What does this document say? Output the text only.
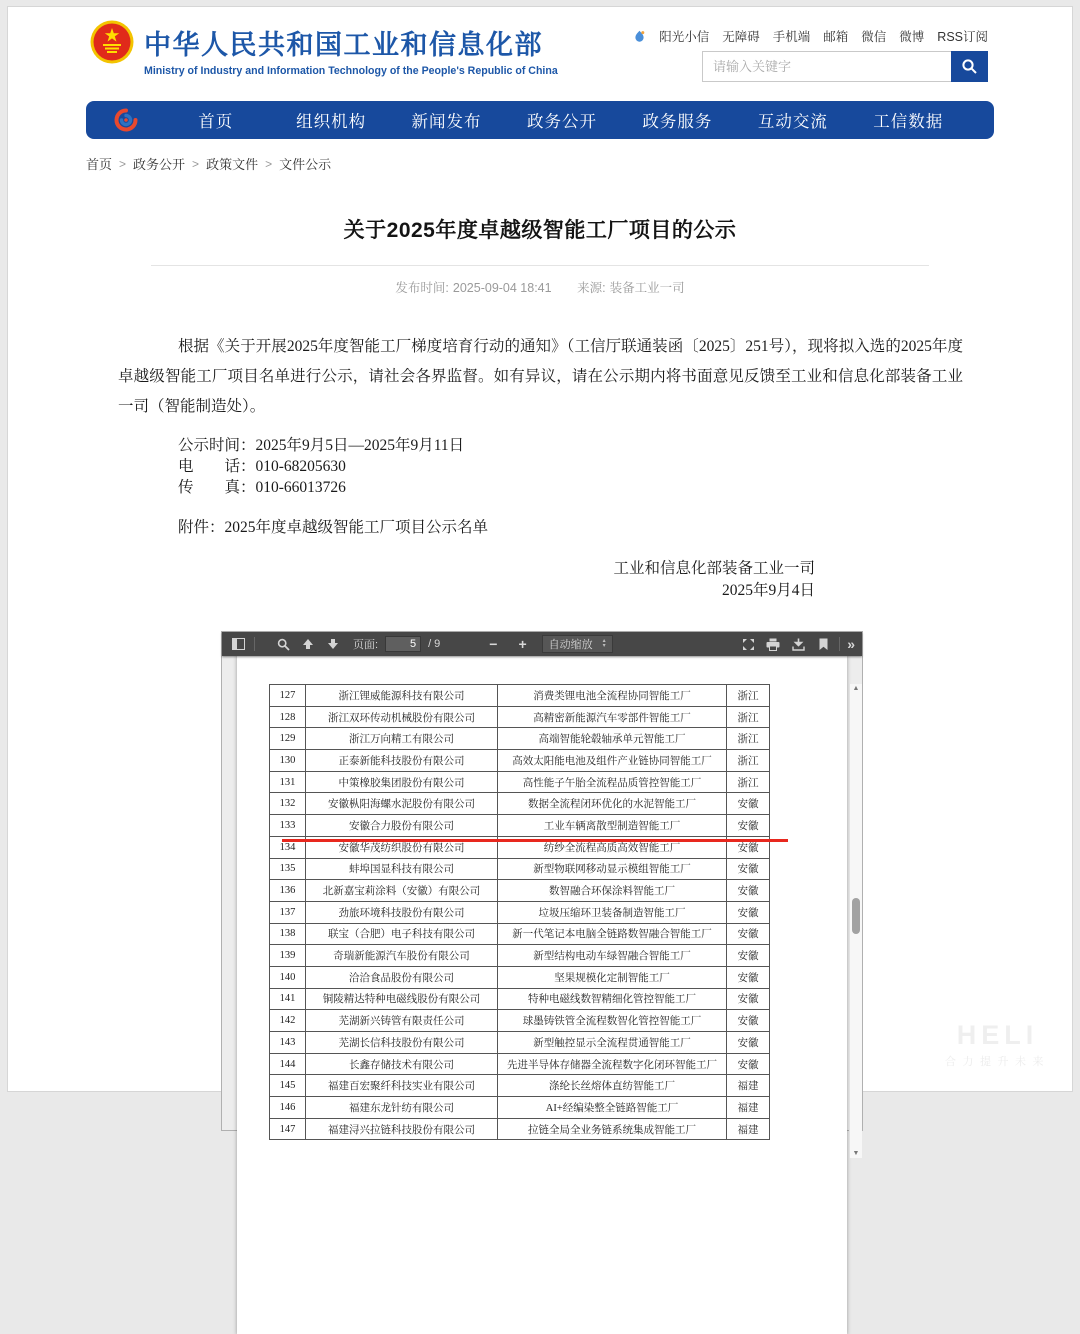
中华人民共和国工业和信息化部
Ministry of Industry and Information Technology of the People's Republic of China
阳光小信 无障碍 手机端 邮箱 微信 微博 RSS订阅
请输入关键字
首页	组织机构	新闻发布	政务公开	政务服务	互动交流	工信数据
首页 > 政务公开 > 政策文件 > 文件公示
关于2025年度卓越级智能工厂项目的公示
发布时间: 2025-09-04 18:41 来源: 装备工业一司

根据《关于开展2025年度智能工厂梯度培育行动的通知》（工信厅联通装函〔2025〕251号），现将拟入选的2025年度卓越级智能工厂项目名单进行公示，请社会各界监督。如有异议，请在公示期内将书面意见反馈至工业和信息化部装备工业一司（智能制造处）。

公示时间：2025年9月5日—2025年9月11日

电　　话：010-68205630

传　　真：010-66013726

附件：2025年度卓越级智能工厂项目公示名单

工业和信息化部装备工业一司
2025年9月4日
页面:
5	/ 9	− + 自动缩放 ▴
▾	»
127	浙江锂威能源科技有限公司	消费类锂电池全流程协同智能工厂	浙江
128	浙江双环传动机械股份有限公司	高精密新能源汽车零部件智能工厂	浙江
129	浙江万向精工有限公司	高端智能轮毂轴承单元智能工厂	浙江
130	正泰新能科技股份有限公司	高效太阳能电池及组件产业链协同智能工厂	浙江
131	中策橡胶集团股份有限公司	高性能子午胎全流程品质管控智能工厂	浙江
132	安徽枞阳海螺水泥股份有限公司	数据全流程闭环优化的水泥智能工厂	安徽
133	安徽合力股份有限公司	工业车辆离散型制造智能工厂	安徽
134	安徽华茂纺织股份有限公司	纺纱全流程高质高效智能工厂	安徽
135	蚌埠国显科技有限公司	新型物联网移动显示模组智能工厂	安徽
136	北新嘉宝莉涂料（安徽）有限公司	数智融合环保涂料智能工厂	安徽
137	劲旅环境科技股份有限公司	垃圾压缩环卫装备制造智能工厂	安徽
138	联宝（合肥）电子科技有限公司	新一代笔记本电脑全链路数智融合智能工厂	安徽
139	奇瑞新能源汽车股份有限公司	新型结构电动车绿智融合智能工厂	安徽
140	洽洽食品股份有限公司	坚果规模化定制智能工厂	安徽
141	铜陵精达特种电磁线股份有限公司	特种电磁线数智精细化管控智能工厂	安徽
142	芜湖新兴铸管有限责任公司	球墨铸铁管全流程数智化管控智能工厂	安徽
143	芜湖长信科技股份有限公司	新型触控显示全流程贯通智能工厂	安徽
144	长鑫存储技术有限公司	先进半导体存储器全流程数字化闭环智能工厂	安徽
145	福建百宏聚纤科技实业有限公司	涤纶长丝熔体直纺智能工厂	福建
146	福建东龙针纺有限公司	AI+经编染整全链路智能工厂	福建
147	福建浔兴拉链科技股份有限公司	拉链全局全业务链系统集成智能工厂	福建
▲
▼
HELI
合力提升未来
